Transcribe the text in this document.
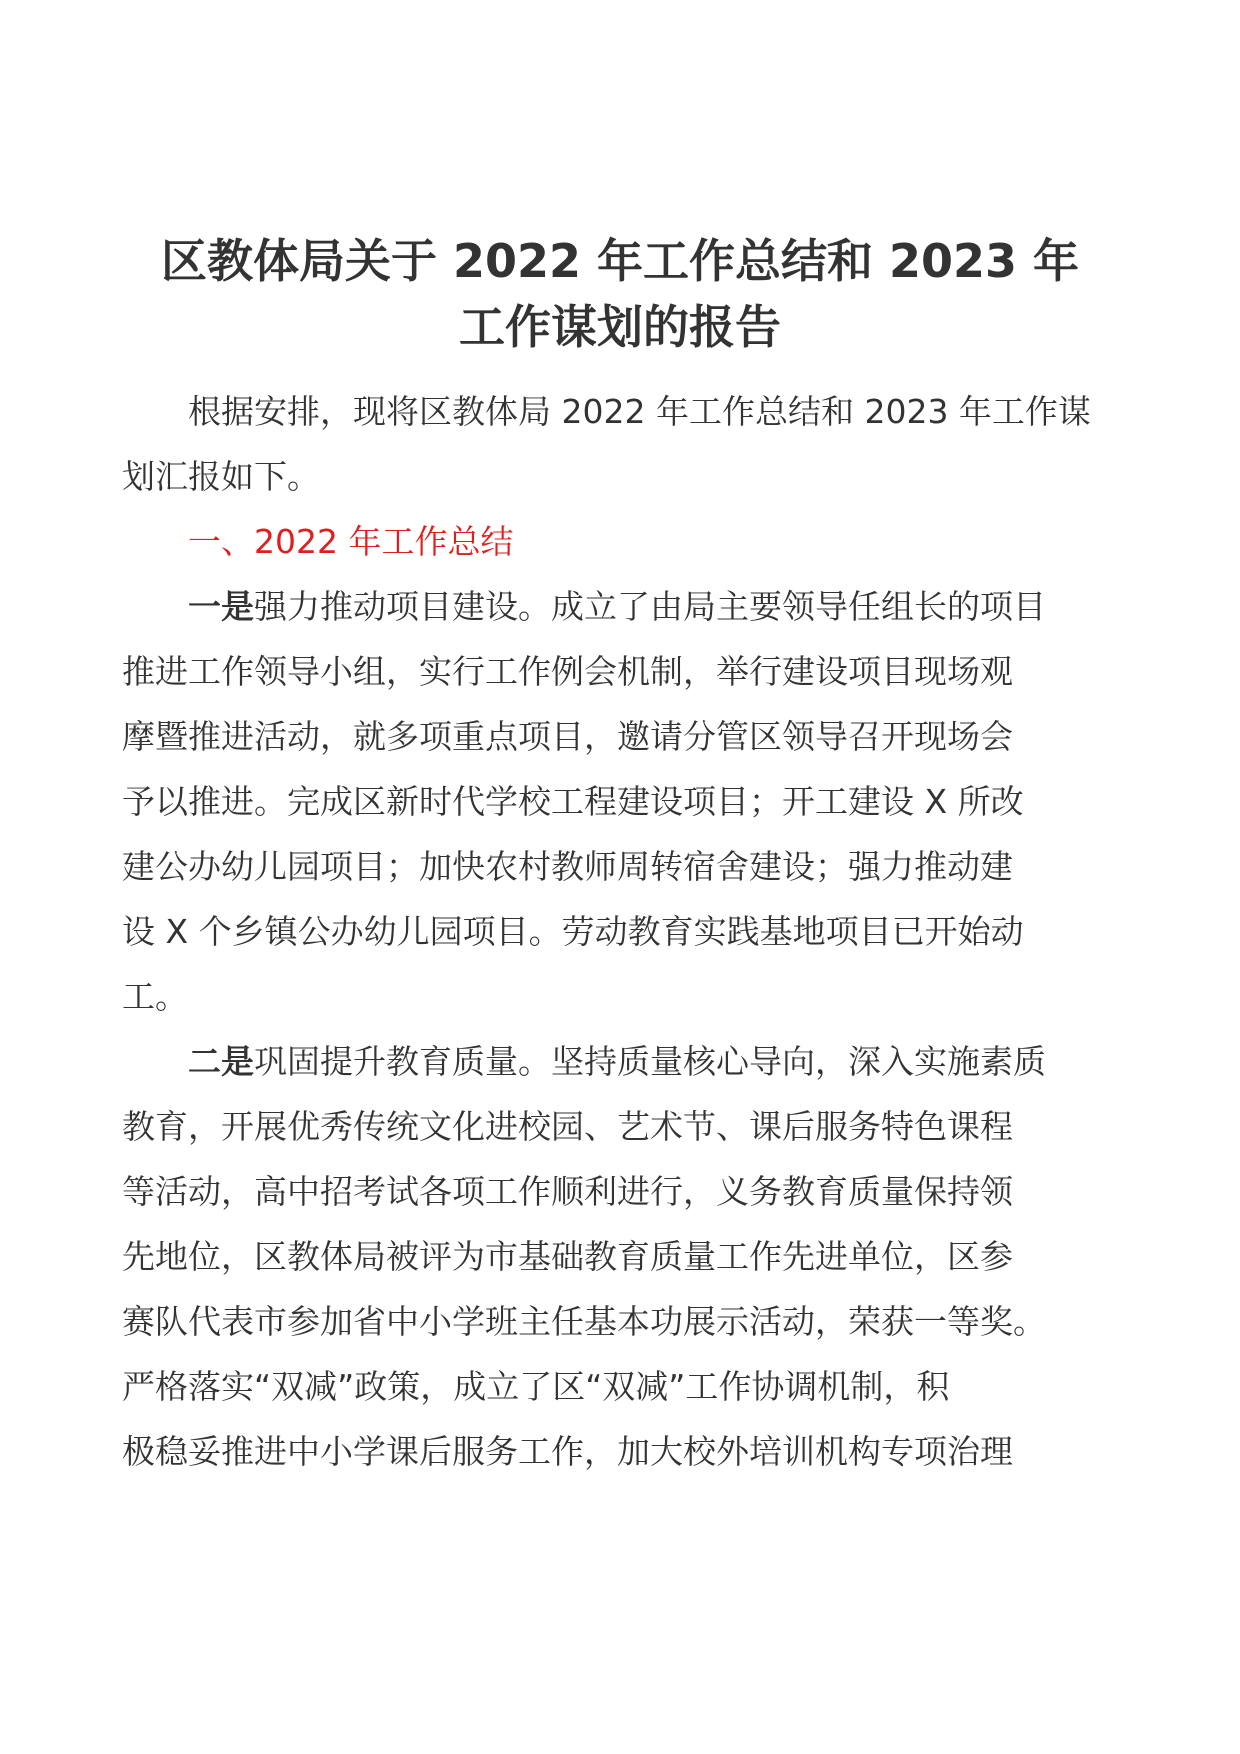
区教体局关于 2022 年工作总结和 2023 年
工作谋划的报告

根据安排，现将区教体局 2022 年工作总结和 2023 年工作谋
划汇报如下。

一、2022 年工作总结

一是强力推动项目建设。成立了由局主要领导任组长的项目
推进工作领导小组，实行工作例会机制，举行建设项目现场观
摩暨推进活动，就多项重点项目，邀请分管区领导召开现场会
予以推进。完成区新时代学校工程建设项目；开工建设 X 所改
建公办幼儿园项目；加快农村教师周转宿舍建设；强力推动建
设 X 个乡镇公办幼儿园项目。劳动教育实践基地项目已开始动
工。

二是巩固提升教育质量。坚持质量核心导向，深入实施素质
教育，开展优秀传统文化进校园、艺术节、课后服务特色课程
等活动，高中招考试各项工作顺利进行，义务教育质量保持领
先地位，区教体局被评为市基础教育质量工作先进单位，区参
赛队代表市参加省中小学班主任基本功展示活动，荣获一等奖。
严格落实“双减”政策，成立了区“双减”工作协调机制，积
极稳妥推进中小学课后服务工作，加大校外培训机构专项治理
